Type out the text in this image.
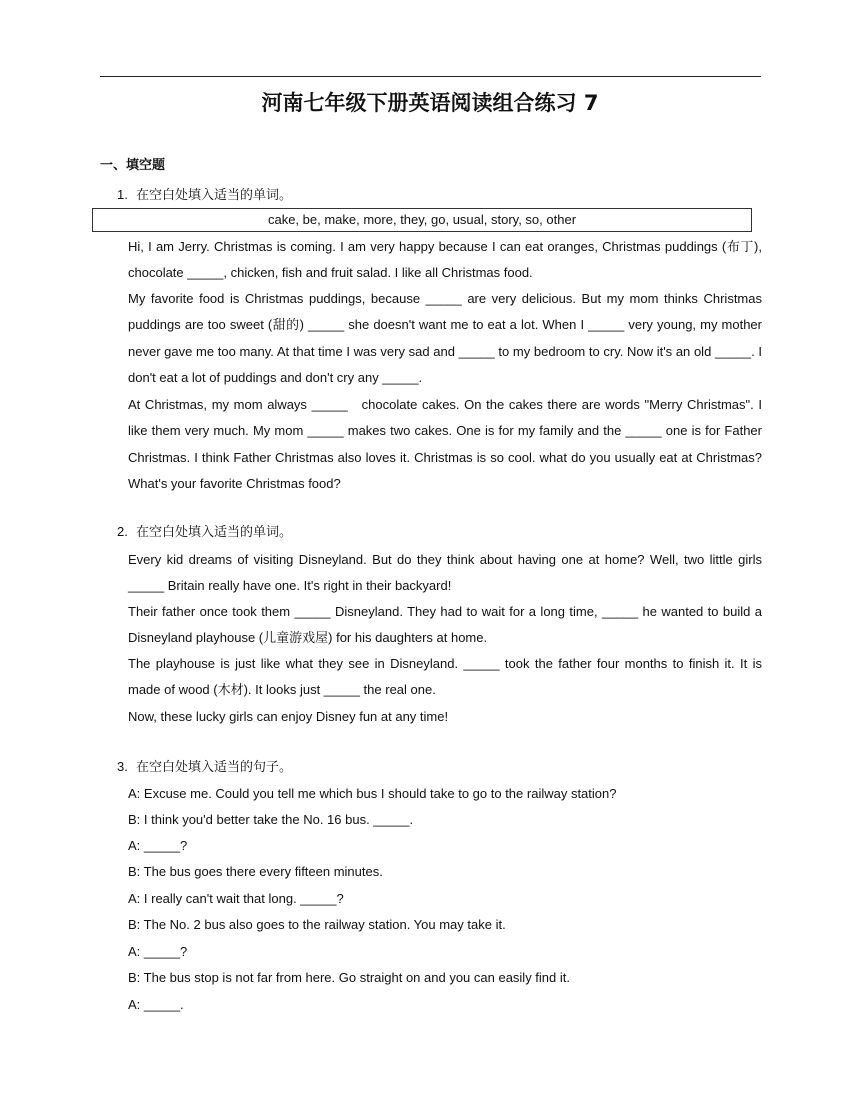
河南七年级下册英语阅读组合练习 7
一、填空题
1. 在空白处填入适当的单词。
cake, be, make, more, they, go, usual, story, so, other
Hi, I am Jerry. Christmas is coming. I am very happy because I can eat oranges, Christmas puddings (布丁), chocolate _____, chicken, fish and fruit salad. I like all Christmas food.
My favorite food is Christmas puddings, because _____ are very delicious. But my mom thinks Christmas puddings are too sweet (甜的) _____ she doesn't want me to eat a lot. When I _____ very young, my mother never gave me too many. At that time I was very sad and _____ to my bedroom to cry. Now it's an old _____. I don't eat a lot of puddings and don't cry any _____.
At Christmas, my mom always _____   chocolate cakes. On the cakes there are words "Merry Christmas". I like them very much. My mom _____ makes two cakes. One is for my family and the _____ one is for Father Christmas. I think Father Christmas also loves it. Christmas is so cool. what do you usually eat at Christmas? What's your favorite Christmas food?
2. 在空白处填入适当的单词。
Every kid dreams of visiting Disneyland. But do they think about having one at home? Well, two little girls _____ Britain really have one. It's right in their backyard!
Their father once took them _____ Disneyland. They had to wait for a long time, _____ he wanted to build a Disneyland playhouse (儿童游戏屋) for his daughters at home.
The playhouse is just like what they see in Disneyland. _____ took the father four months to finish it. It is made of wood (木材). It looks just _____ the real one.
Now, these lucky girls can enjoy Disney fun at any time!
3. 在空白处填入适当的句子。
A: Excuse me. Could you tell me which bus I should take to go to the railway station?
B: I think you'd better take the No. 16 bus. _____.
A: _____?
B: The bus goes there every fifteen minutes.
A: I really can't wait that long. _____?
B: The No. 2 bus also goes to the railway station. You may take it.
A: _____?
B: The bus stop is not far from here. Go straight on and you can easily find it.
A: _____.
